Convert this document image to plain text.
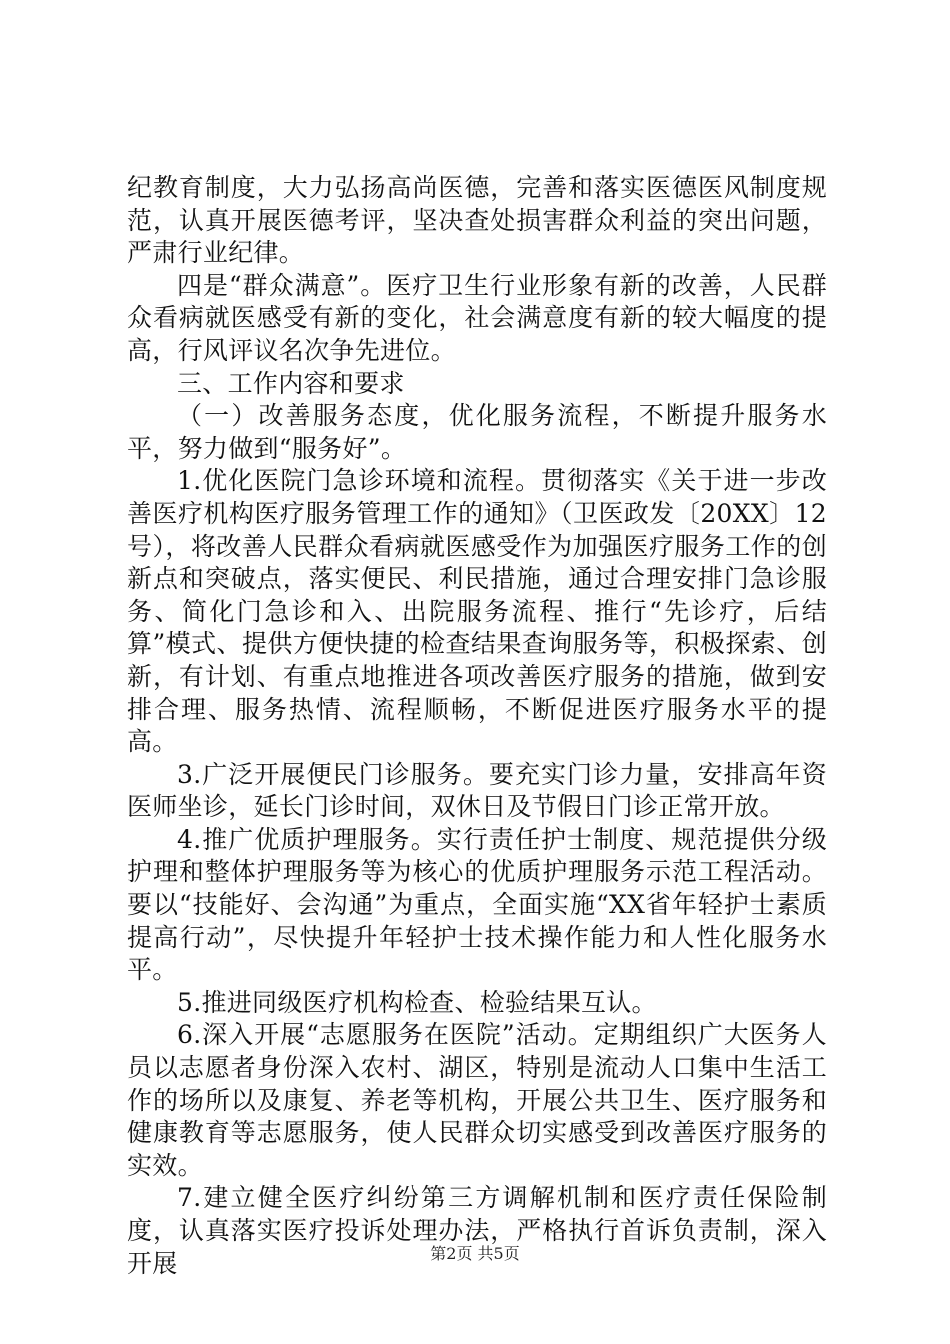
纪教育制度，大力弘扬高尚医德，完善和落实医德医风制度规范，认真开展医德考评，坚决查处损害群众利益的突出问题，严肃行业纪律。

四是“群众满意”。医疗卫生行业形象有新的改善，人民群众看病就医感受有新的变化，社会满意度有新的较大幅度的提高，行风评议名次争先进位。

三、工作内容和要求

（一）改善服务态度，优化服务流程，不断提升服务水平，努力做到“服务好”。

1.优化医院门急诊环境和流程。贯彻落实《关于进一步改善医疗机构医疗服务管理工作的通知》（卫医政发〔20XX〕12号），将改善人民群众看病就医感受作为加强医疗服务工作的创新点和突破点，落实便民、利民措施，通过合理安排门急诊服务、简化门急诊和入、出院服务流程、推行“先诊疗，后结算”模式、提供方便快捷的检查结果查询服务等，积极探索、创新，有计划、有重点地推进各项改善医疗服务的措施，做到安排合理、服务热情、流程顺畅，不断促进医疗服务水平的提高。

3.广泛开展便民门诊服务。要充实门诊力量，安排高年资医师坐诊，延长门诊时间，双休日及节假日门诊正常开放。

4.推广优质护理服务。实行责任护士制度、规范提供分级护理和整体护理服务等为核心的优质护理服务示范工程活动。要以“技能好、会沟通”为重点，全面实施“XX省年轻护士素质提高行动”，尽快提升年轻护士技术操作能力和人性化服务水平。

5.推进同级医疗机构检查、检验结果互认。

6.深入开展“志愿服务在医院”活动。定期组织广大医务人员以志愿者身份深入农村、湖区，特别是流动人口集中生活工作的场所以及康复、养老等机构，开展公共卫生、医疗服务和健康教育等志愿服务，使人民群众切实感受到改善医疗服务的实效。

7.建立健全医疗纠纷第三方调解机制和医疗责任保险制度，认真落实医疗投诉处理办法，严格执行首诉负责制，深入开展	第2页 共5页
